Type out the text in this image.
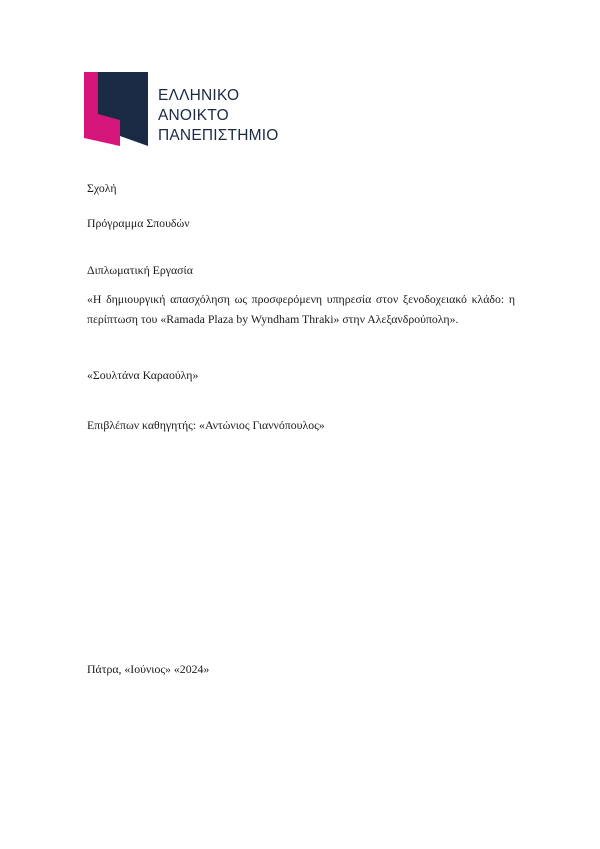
ΕΛΛΗΝΙΚΟ
ΑΝΟΙΚΤΟ
ΠΑΝΕΠΙΣΤΗΜΙΟ
Σχολή
Πρόγραμμα Σπουδών
Διπλωματική Εργασία
«Η δημιουργική απασχόληση ως προσφερόμενη υπηρεσία στον ξενοδοχειακό κλάδο: η
περίπτωση του «Ramada Plaza by Wyndham Thraki» στην Αλεξανδρούπολη».
«Σουλτάνα Καραούλη»
Επιβλέπων καθηγητής: «Αντώνιος Γιαννόπουλος»
Πάτρα, «Ιούνιος» «2024»
